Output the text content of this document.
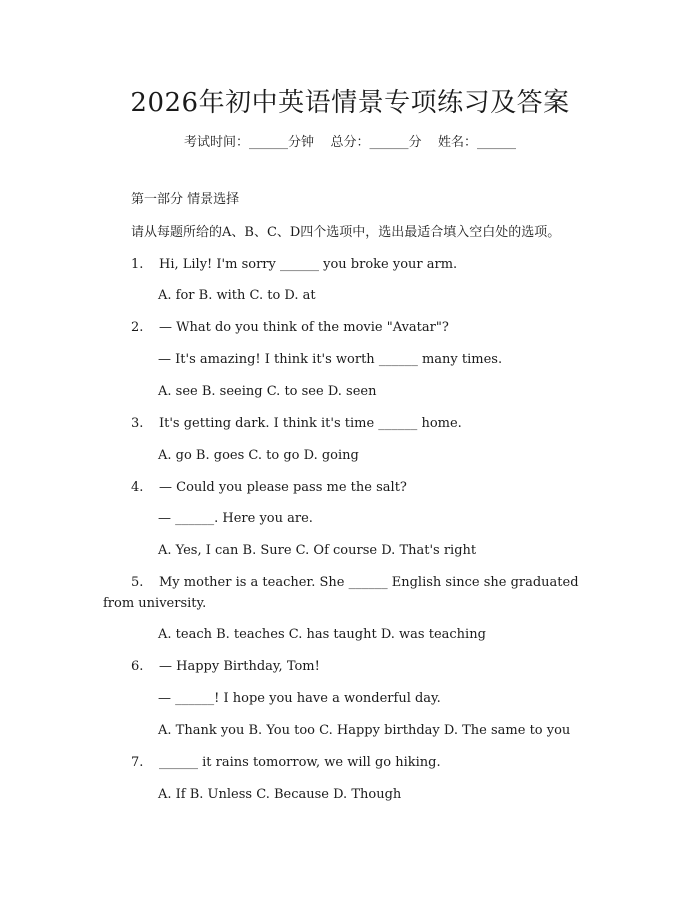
2026年初中英语情景专项练习及答案
考试时间：______分钟    总分：______分    姓名：______
第一部分 情景选择
请从每题所给的A、B、C、D四个选项中，选出最适合填入空白处的选项。
1. Hi, Lily! I'm sorry ______ you broke your arm.
A. for B. with C. to D. at
2. — What do you think of the movie "Avatar"?
— It's amazing! I think it's worth ______ many times.
A. see B. seeing C. to see D. seen
3. It's getting dark. I think it's time ______ home.
A. go B. goes C. to go D. going
4. — Could you please pass me the salt?
— ______. Here you are.
A. Yes, I can B. Sure C. Of course D. That's right
5. My mother is a teacher. She ______ English since she graduated
from university.
A. teach B. teaches C. has taught D. was teaching
6. — Happy Birthday, Tom!
— ______! I hope you have a wonderful day.
A. Thank you B. You too C. Happy birthday D. The same to you
7. ______ it rains tomorrow, we will go hiking.
A. If B. Unless C. Because D. Though
